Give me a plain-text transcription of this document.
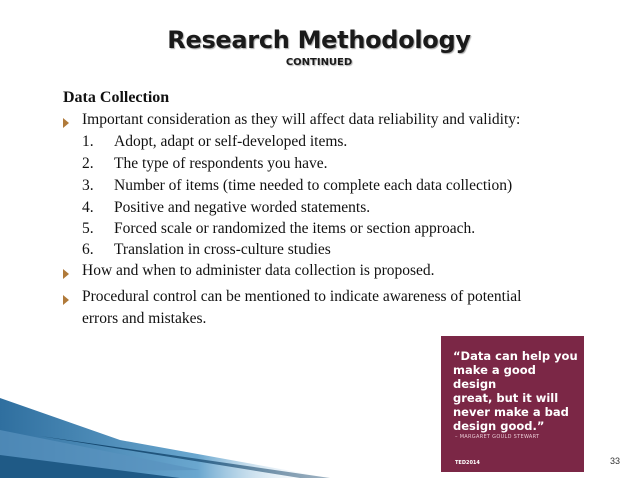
Research Methodology
CONTINUED
Data Collection
Important consideration as they will affect data reliability and validity:
1. Adopt, adapt or self-developed items.
2. The type of respondents you have.
3. Number of items (time needed to complete each data collection)
4. Positive and negative worded statements.
5. Forced scale or randomized the items or section approach.
6. Translation in cross-culture studies
How and when to administer data collection is proposed.
Procedural control can be mentioned to indicate awareness of potential
errors and mistakes.
“Data can help you
make a good design
great, but it will
never make a bad
design good.”
– MARGARET GOULD STEWART
TED2014	33
